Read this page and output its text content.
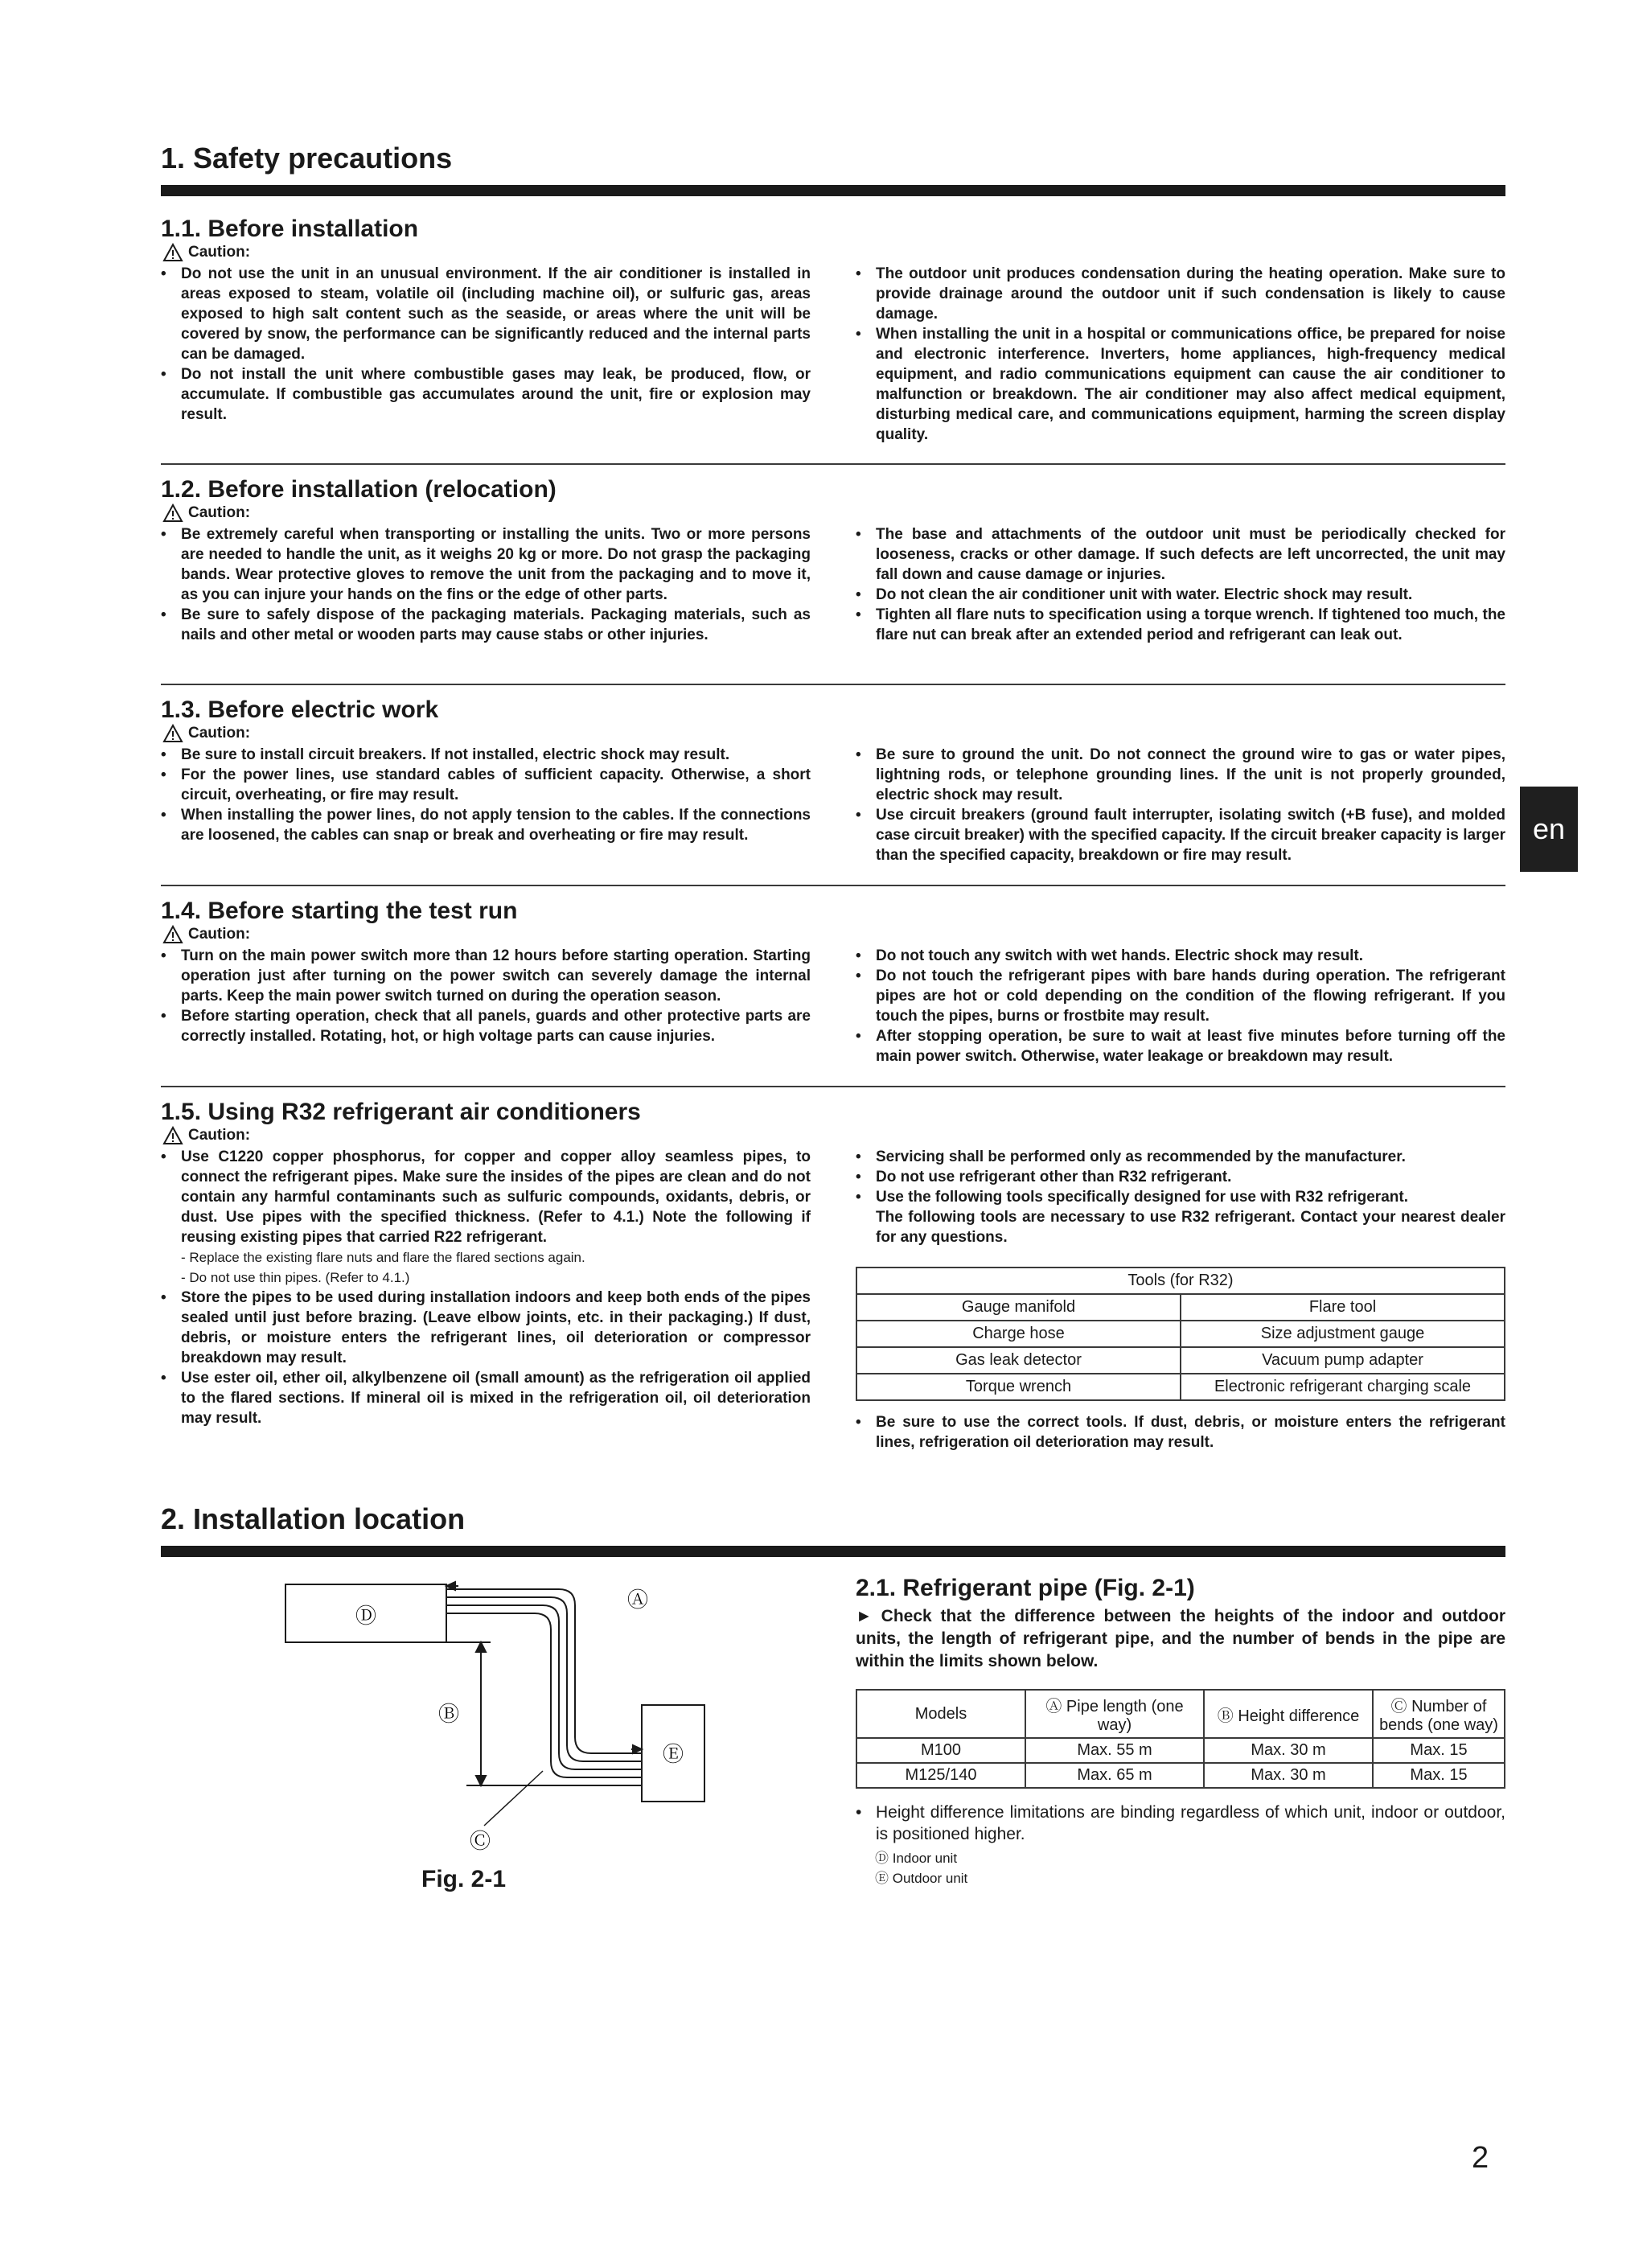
1. Safety precautions
1.1. Before installation
Caution:
• Do not use the unit in an unusual environment. If the air conditioner is installed in areas exposed to steam, volatile oil (including machine oil), or sulfuric gas, areas exposed to high salt content such as the seaside, or areas where the unit will be covered by snow, the performance can be significantly reduced and the internal parts can be damaged.
• Do not install the unit where combustible gases may leak, be produced, flow, or accumulate. If combustible gas accumulates around the unit, fire or explosion may result.
• The outdoor unit produces condensation during the heating operation. Make sure to provide drainage around the outdoor unit if such condensation is likely to cause damage.
• When installing the unit in a hospital or communications office, be prepared for noise and electronic interference. Inverters, home appliances, high-frequency medical equipment, and radio communications equipment can cause the air conditioner to malfunction or breakdown. The air conditioner may also affect medical equipment, disturbing medical care, and communications equipment, harming the screen display quality.
1.2. Before installation (relocation)
Caution:
• Be extremely careful when transporting or installing the units. Two or more persons are needed to handle the unit, as it weighs 20 kg or more. Do not grasp the packaging bands. Wear protective gloves to remove the unit from the packaging and to move it, as you can injure your hands on the fins or the edge of other parts.
• Be sure to safely dispose of the packaging materials. Packaging materials, such as nails and other metal or wooden parts may cause stabs or other injuries.
• The base and attachments of the outdoor unit must be periodically checked for looseness, cracks or other damage. If such defects are left uncorrected, the unit may fall down and cause damage or injuries.
• Do not clean the air conditioner unit with water. Electric shock may result.
• Tighten all flare nuts to specification using a torque wrench. If tightened too much, the flare nut can break after an extended period and refrigerant can leak out.
1.3. Before electric work
Caution:
• Be sure to install circuit breakers. If not installed, electric shock may result.
• For the power lines, use standard cables of sufficient capacity. Otherwise, a short circuit, overheating, or fire may result.
• When installing the power lines, do not apply tension to the cables. If the connections are loosened, the cables can snap or break and overheating or fire may result.
• Be sure to ground the unit. Do not connect the ground wire to gas or water pipes, lightning rods, or telephone grounding lines. If the unit is not properly grounded, electric shock may result.
• Use circuit breakers (ground fault interrupter, isolating switch (+B fuse), and molded case circuit breaker) with the specified capacity. If the circuit breaker capacity is larger than the specified capacity, breakdown or fire may result.
1.4. Before starting the test run
Caution:
• Turn on the main power switch more than 12 hours before starting operation. Starting operation just after turning on the power switch can severely damage the internal parts. Keep the main power switch turned on during the operation season.
• Before starting operation, check that all panels, guards and other protective parts are correctly installed. Rotating, hot, or high voltage parts can cause injuries.
• Do not touch any switch with wet hands. Electric shock may result.
• Do not touch the refrigerant pipes with bare hands during operation. The refrigerant pipes are hot or cold depending on the condition of the flowing refrigerant. If you touch the pipes, burns or frostbite may result.
• After stopping operation, be sure to wait at least five minutes before turning off the main power switch. Otherwise, water leakage or breakdown may result.
1.5. Using R32 refrigerant air conditioners
Caution:
• Use C1220 copper phosphorus, for copper and copper alloy seamless pipes, to connect the refrigerant pipes. Make sure the insides of the pipes are clean and do not contain any harmful contaminants such as sulfuric compounds, oxidants, debris, or dust. Use pipes with the specified thickness. (Refer to 4.1.) Note the following if reusing existing pipes that carried R22 refrigerant.
- Replace the existing flare nuts and flare the flared sections again.
- Do not use thin pipes. (Refer to 4.1.)
• Store the pipes to be used during installation indoors and keep both ends of the pipes sealed until just before brazing. (Leave elbow joints, etc. in their packaging.) If dust, debris, or moisture enters the refrigerant lines, oil deterioration or compressor breakdown may result.
• Use ester oil, ether oil, alkylbenzene oil (small amount) as the refrigeration oil applied to the flared sections. If mineral oil is mixed in the refrigeration oil, oil deterioration may result.
• Servicing shall be performed only as recommended by the manufacturer.
• Do not use refrigerant other than R32 refrigerant.
• Use the following tools specifically designed for use with R32 refrigerant.
The following tools are necessary to use R32 refrigerant. Contact your nearest dealer for any questions.
Tools (for R32)	
Gauge manifold	Flare tool
Charge hose	Size adjustment gauge
Gas leak detector	Vacuum pump adapter
Torque wrench	Electronic refrigerant charging scale
• Be sure to use the correct tools. If dust, debris, or moisture enters the refrigerant lines, refrigeration oil deterioration may result.
2. Installation location
Ⓐ
Ⓓ
Ⓑ
Ⓔ
Ⓒ
Fig. 2-1
2.1. Refrigerant pipe (Fig. 2-1)
► Check that the difference between the heights of the indoor and outdoor units, the length of refrigerant pipe, and the number of bends in the pipe are within the limits shown below.
Models	Ⓐ Pipe length (one way)	Ⓑ Height difference	Ⓒ Number of bends (one way)
M100	Max. 55 m	Max. 30 m	Max. 15
M125/140	Max. 65 m	Max. 30 m	Max. 15
• Height difference limitations are binding regardless of which unit, indoor or outdoor, is positioned higher.
Ⓓ Indoor unit
Ⓔ Outdoor unit
en
2
